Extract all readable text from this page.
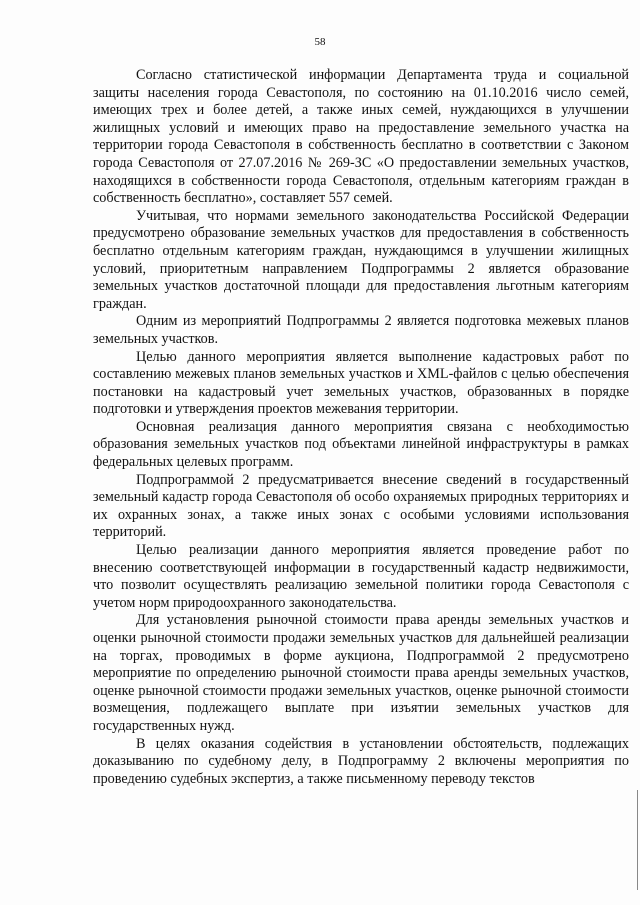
58

Согласно статистической информации Департамента труда и социальной защиты населения города Севастополя, по состоянию на 01.10.2016 число семей, имеющих трех и более детей, а также иных семей, нуждающихся в улучшении жилищных условий и имеющих право на предоставление земельного участка на территории города Севастополя в собственность бесплатно в соответствии с Законом города Севастополя от 27.07.2016 № 269-ЗС «О предоставлении земельных участков, находящихся в собственности города Севастополя, отдельным категориям граждан в собственность бесплатно», составляет 557 семей.

Учитывая, что нормами земельного законодательства Российской Федерации предусмотрено образование земельных участков для предоставления в собственность бесплатно отдельным категориям граждан, нуждающимся в улучшении жилищных условий, приоритетным направлением Подпрограммы 2 является образование земельных участков достаточной площади для предоставления льготным категориям граждан.

Одним из мероприятий Подпрограммы 2 является подготовка межевых планов земельных участков.

Целью данного мероприятия является выполнение кадастровых работ по составлению межевых планов земельных участков и XML-файлов с целью обеспечения постановки на кадастровый учет земельных участков, образованных в порядке подготовки и утверждения проектов межевания территории.

Основная реализация данного мероприятия связана с необходимостью образования земельных участков под объектами линейной инфраструктуры в рамках федеральных целевых программ.

Подпрограммой 2 предусматривается внесение сведений в государственный земельный кадастр города Севастополя об особо охраняемых природных территориях и их охранных зонах, а также иных зонах с особыми условиями использования территорий.

Целью реализации данного мероприятия является проведение работ по внесению соответствующей информации в государственный кадастр недвижимости, что позволит осуществлять реализацию земельной политики города Севастополя с учетом норм природоохранного законодательства.

Для установления рыночной стоимости права аренды земельных участков и оценки рыночной стоимости продажи земельных участков для дальнейшей реализации на торгах, проводимых в форме аукциона, Подпрограммой 2 предусмотрено мероприятие по определению рыночной стоимости права аренды земельных участков, оценке рыночной стоимости продажи земельных участков, оценке рыночной стоимости возмещения, подлежащего выплате при изъятии земельных участков для государственных нужд.

В целях оказания содействия в установлении обстоятельств, подлежащих доказыванию по судебному делу, в Подпрограмму 2 включены мероприятия по проведению судебных экспертиз, а также письменному переводу текстов
